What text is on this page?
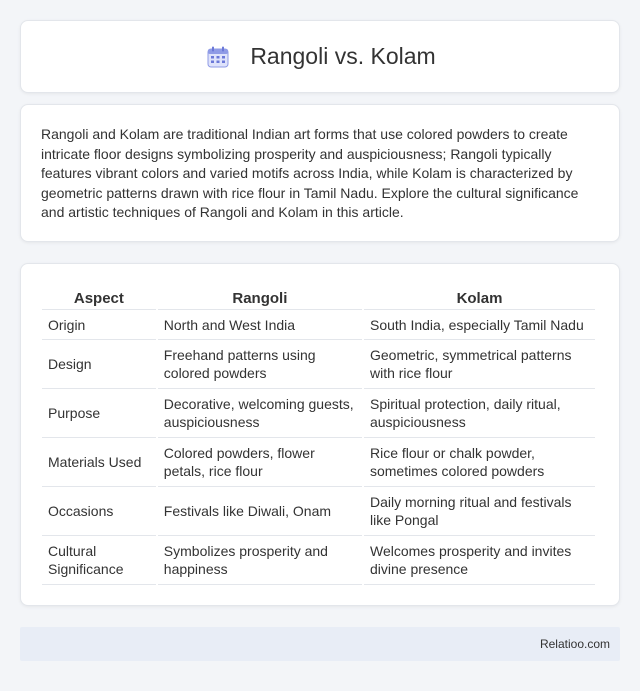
Rangoli vs. Kolam

Rangoli and Kolam are traditional Indian art forms that use colored powders to create intricate floor designs symbolizing prosperity and auspiciousness; Rangoli typically features vibrant colors and varied motifs across India, while Kolam is characterized by geometric patterns drawn with rice flour in Tamil Nadu. Explore the cultural significance and artistic techniques of Rangoli and Kolam in this article.

Aspect	Rangoli	Kolam
Origin	North and West India	South India, especially Tamil Nadu
Design	Freehand patterns using colored powders	Geometric, symmetrical patterns with rice flour
Purpose	Decorative, welcoming guests, auspiciousness	Spiritual protection, daily ritual, auspiciousness
Materials Used	Colored powders, flower petals, rice flour	Rice flour or chalk powder, sometimes colored powders
Occasions	Festivals like Diwali, Onam	Daily morning ritual and festivals like Pongal
Cultural Significance	Symbolizes prosperity and happiness	Welcomes prosperity and invites divine presence
Relatioo.com
